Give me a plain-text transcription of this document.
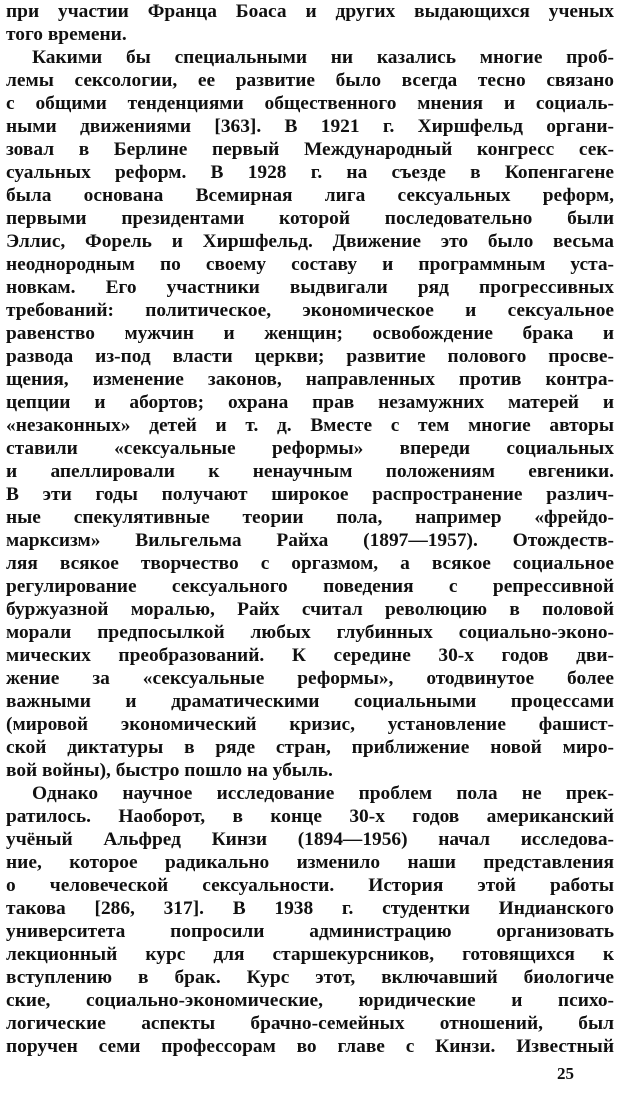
при участии Франца Боаса и других выдающихся ученых
того времени.
Какими бы специальными ни казались многие проб-
лемы сексологии, ее развитие было всегда тесно связано
с общими тенденциями общественного мнения и социаль-
ными движениями [363]. В 1921 г. Хиршфельд органи-
зовал в Берлине первый Международный конгресс сек-
суальных реформ. В 1928 г. на съезде в Копенгагене
была основана Всемирная лига сексуальных реформ,
первыми президентами которой последовательно были
Эллис, Форель и Хиршфельд. Движение это было весьма
неоднородным по своему составу и программным уста-
новкам. Его участники выдвигали ряд прогрессивных
требований: политическое, экономическое и сексуальное
равенство мужчин и женщин; освобождение брака и
развода из-под власти церкви; развитие полового просве-
щения, изменение законов, направленных против контра-
цепции и абортов; охрана прав незамужних матерей и
«незаконных» детей и т. д. Вместе с тем многие авторы
ставили «сексуальные реформы» впереди социальных
и апеллировали к ненаучным положениям евгеники.
В эти годы получают широкое распространение различ-
ные спекулятивные теории пола, например «фрейдо-
марксизм» Вильгельма Райха (1897—1957). Отождеств-
ляя всякое творчество с оргазмом, а всякое социальное
регулирование сексуального поведения с репрессивной
буржуазной моралью, Райх считал революцию в половой
морали предпосылкой любых глубинных социально-эконо-
мических преобразований. К середине 30-х годов дви-
жение за «сексуальные реформы», отодвинутое более
важными и драматическими социальными процессами
(мировой экономический кризис, установление фашист-
ской диктатуры в ряде стран, приближение новой миро-
вой войны), быстро пошло на убыль.
Однако научное исследование проблем пола не прек-
ратилось. Наоборот, в конце 30-х годов американский
учёный Альфред Кинзи (1894—1956) начал исследова-
ние, которое радикально изменило наши представления
о человеческой сексуальности. История этой работы
такова [286, 317]. В 1938 г. студентки Индианского
университета попросили администрацию организовать
лекционный курс для старшекурсников, готовящихся к
вступлению в брак. Курс этот, включавший биологиче
ские, социально-экономические, юридические и психо-
логические аспекты брачно-семейных отношений, был
поручен семи профессорам во главе с Кинзи. Известный
25
